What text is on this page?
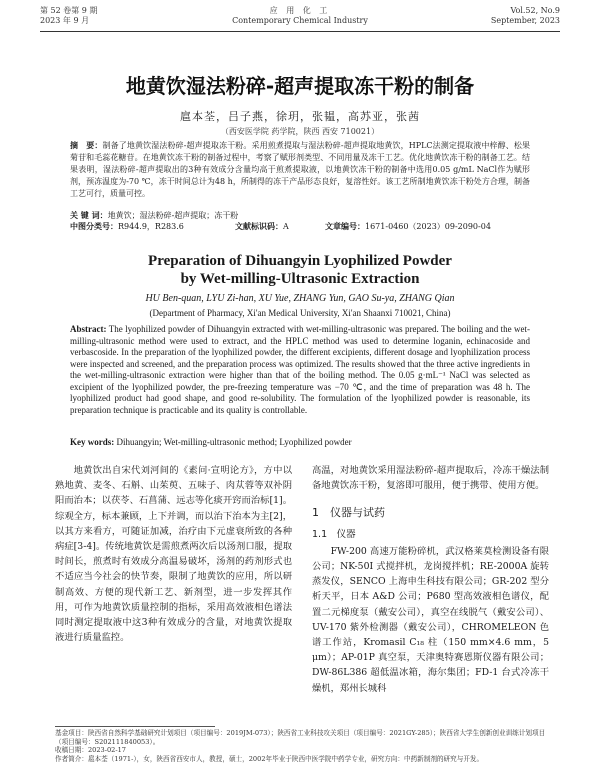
第 52 卷第 9 期
2023 年 9 月
应 用 化 工
Contemporary Chemical Industry
Vol.52, No.9
September, 2023
地黄饮湿法粉碎-超声提取冻干粉的制备
扈本荃，吕子燕，徐玥，张韫，高苏亚，张茜
（西安医学院 药学院，陕西 西安 710021）
摘　要：制备了地黄饮湿法粉碎-超声提取冻干粉。采用煎煮提取与湿法粉碎-超声提取地黄饮，HPLC法测定提取液中梓醇、松果菊苷和毛蕊花糖苷。在地黄饮冻干粉的制备过程中，考察了赋形剂类型、不同用量及冻干工艺。优化地黄饮冻干粉的制备工艺。结果表明，湿法粉碎-超声提取出的3种有效成分含量均高于煎煮提取液，以地黄饮冻干粉的制备中选用0.05 g/mL NaCl作为赋形剂，预冻温度为-70 ℃，冻干时间总计为48 h，所制得的冻干产品形态良好，复溶性好。该工艺所制地黄饮冻干粉处方合理，制备工艺可行，质量可控。
关 键 词：地黄饮；湿法粉碎-超声提取；冻干粉
中图分类号：R944.9，R283.6	文献标识码：A	文章编号：1671-0460（2023）09-2090-04
Preparation of Dihuangyin Lyophilized Powder
by Wet-milling-Ultrasonic Extraction
HU Ben-quan, LYU Zi-han, XU Yue, ZHANG Yun, GAO Su-ya, ZHANG Qian
(Department of Pharmacy, Xi'an Medical University, Xi'an Shaanxi 710021, China)
Abstract: The lyophilized powder of Dihuangyin extracted with wet-milling-ultrasonic was prepared. The boiling and the wet-milling-ultrasonic method were used to extract, and the HPLC method was used to determine loganin, echinacoside and verbascoside. In the preparation of the lyophilized powder, the different excipients, different dosage and lyophilization process were inspected and screened, and the preparation process was optimized. The results showed that the three active ingredients in the wet-milling-ultrasonic extraction were higher than that of the boiling method. The 0.05 g·mL⁻¹ NaCl was selected as excipient of the lyophilized powder, the pre-freezing temperature was −70 ℃, and the time of preparation was 48 h. The lyophilized product had good shape, and good re-solubility. The formulation of the lyophilized powder is reasonable, its preparation technique is practicable and its quality is controllable.
Key words: Dihuangyin; Wet-milling-ultrasonic method; Lyophilized powder

地黄饮出自宋代刘河间的《素问·宣明论方》，方中以熟地黄、麦冬、石斛、山茱萸、五味子、肉苁蓉等双补阴阳而治本；以茯苓、石菖蒲、远志等化痰开窍而治标[1]。综观全方，标本兼顾，上下并调，而以治下治本为主[2]，以其方来看方，可随证加减，治疗由下元虚衰所致的各种病症[3-4]。传统地黄饮是需煎煮两次后以汤剂口服，提取时间长，煎煮时有效成分高温易破坏，汤剂的药剂形式也不适应当今社会的快节奏，限制了地黄饮的应用，所以研制高效、方便的现代新工艺、新剂型，进一步发挥其作用，可作为地黄饮质量控制的指标，采用高效液相色谱法同时测定提取液中这3种有效成分的含量，对地黄饮提取液进行质量监控。

高温，对地黄饮采用湿法粉碎-超声提取后，冷冻干燥法制备地黄饮冻干粉，复溶即可服用，便于携带、使用方便。

1　仪器与试药
1.1　仪器

FW-200 高速万能粉碎机，武汉格莱莫检测设备有限公司；NK-50I 式搅拌机，龙岗搅拌机；RE-2000A 旋转蒸发仪，SENCO 上海申生科技有限公司；GR-202 型分析天平，日本 A&D 公司；P680 型高效液相色谱仪，配置二元梯度泵（戴安公司），真空在线脱气（戴安公司）、UV-170 紫外检测器（戴安公司），CHROMELEON 色谱工作站，Kromasil C₁₈ 柱（150 mm×4.6 mm，5 μm）；AP-01P 真空泵，天津奥特赛恩斯仪器有限公司；DW-86L386 超低温冰箱，海尔集团；FD-1 台式冷冻干燥机，郑州长城科

基金项目：陕西省自然科学基础研究计划项目（项目编号：2019JM-073）；陕西省工业科技攻关项目（项目编号：2021GY-285）；陕西省大学生创新创业训练计划项目（项目编号：S202111840053）。
收稿日期：2023-02-17
作者简介：扈本荃（1971-），女，陕西省西安市人，教授，硕士，2002年毕业于陕西中医学院中药学专业，研究方向：中药新制剂的研究与开发。
